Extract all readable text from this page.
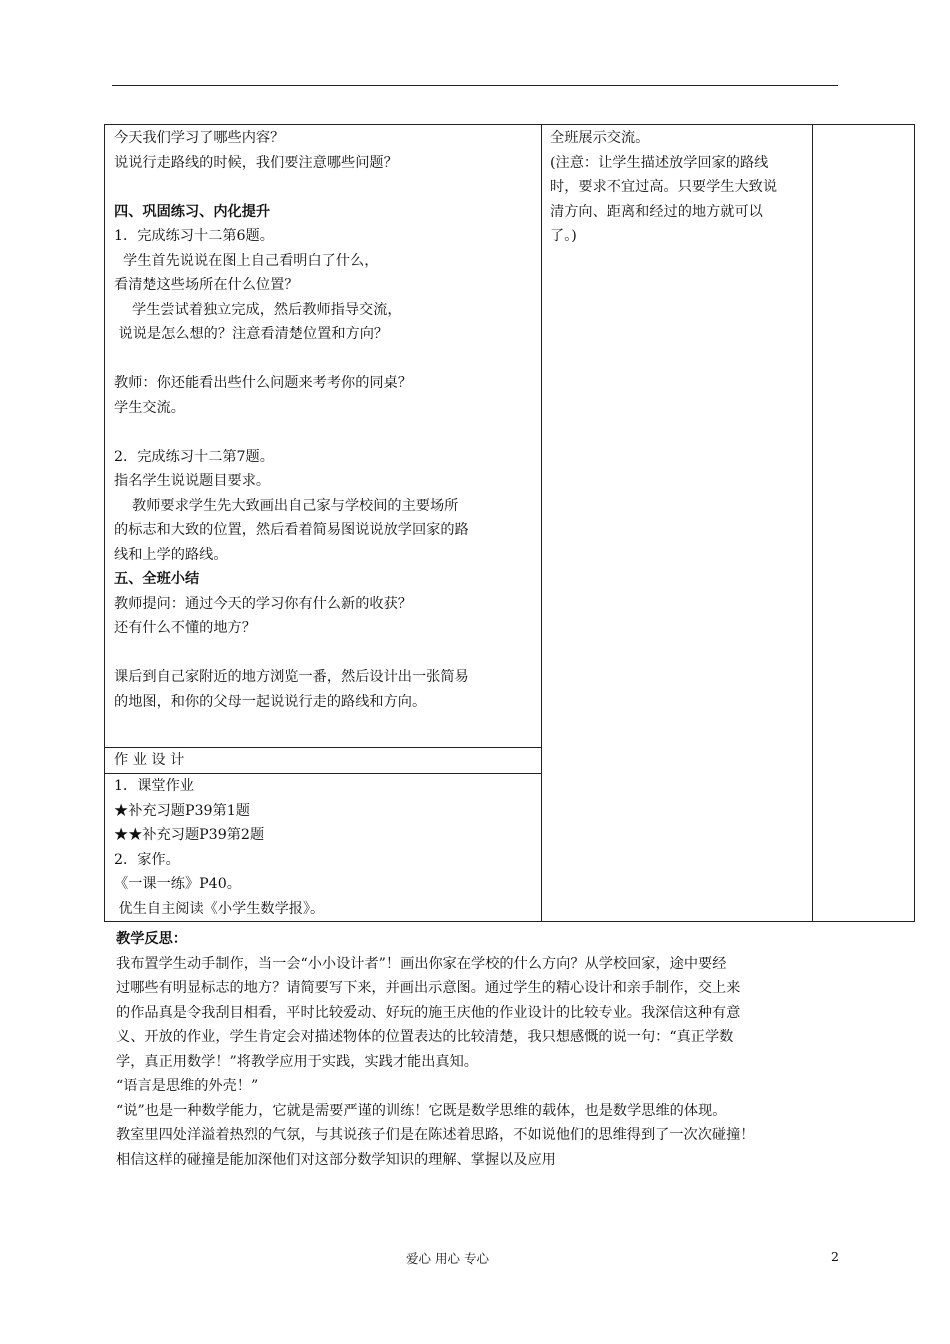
今天我们学习了哪些内容？
说说行走路线的时候，我们要注意哪些问题？
四、巩固练习、内化提升
1．完成练习十二第6题。
学生首先说说在图上自己看明白了什么，
看清楚这些场所在什么位置？
学生尝试着独立完成，然后教师指导交流，
说说是怎么想的？注意看清楚位置和方向？
教师：你还能看出些什么问题来考考你的同桌？
学生交流。
2．完成练习十二第7题。
指名学生说说题目要求。
教师要求学生先大致画出自己家与学校间的主要场所
的标志和大致的位置，然后看着简易图说说放学回家的路
线和上学的路线。
五、全班小结
教师提问：通过今天的学习你有什么新的收获？
还有什么不懂的地方？
课后到自己家附近的地方浏览一番，然后设计出一张简易
的地图，和你的父母一起说说行走的路线和方向。

全班展示交流。
(注意：让学生描述放学回家的路线
时，要求不宜过高。只要学生大致说
清方向、距离和经过的地方就可以
了。)

作 业 设 计

1．课堂作业
★补充习题P39第1题
★★补充习题P39第2题
2．家作。
《一课一练》P40。
优生自主阅读《小学生数学报》。
教学反思：
我布置学生动手制作，当一会“小小设计者”！画出你家在学校的什么方向？从学校回家，途中要经
过哪些有明显标志的地方？请简要写下来，并画出示意图。通过学生的精心设计和亲手制作，交上来
的作品真是令我刮目相看，平时比较爱动、好玩的施王庆他的作业设计的比较专业。我深信这种有意
义、开放的作业，学生肯定会对描述物体的位置表达的比较清楚，我只想感慨的说一句：“真正学数
学，真正用数学！”将教学应用于实践，实践才能出真知。
“语言是思维的外壳！”
“说”也是一种数学能力，它就是需要严谨的训练！它既是数学思维的载体，也是数学思维的体现。
教室里四处洋溢着热烈的气氛，与其说孩子们是在陈述着思路，不如说他们的思维得到了一次次碰撞！
相信这样的碰撞是能加深他们对这部分数学知识的理解、掌握以及应用
爱心 用心 专心	2
